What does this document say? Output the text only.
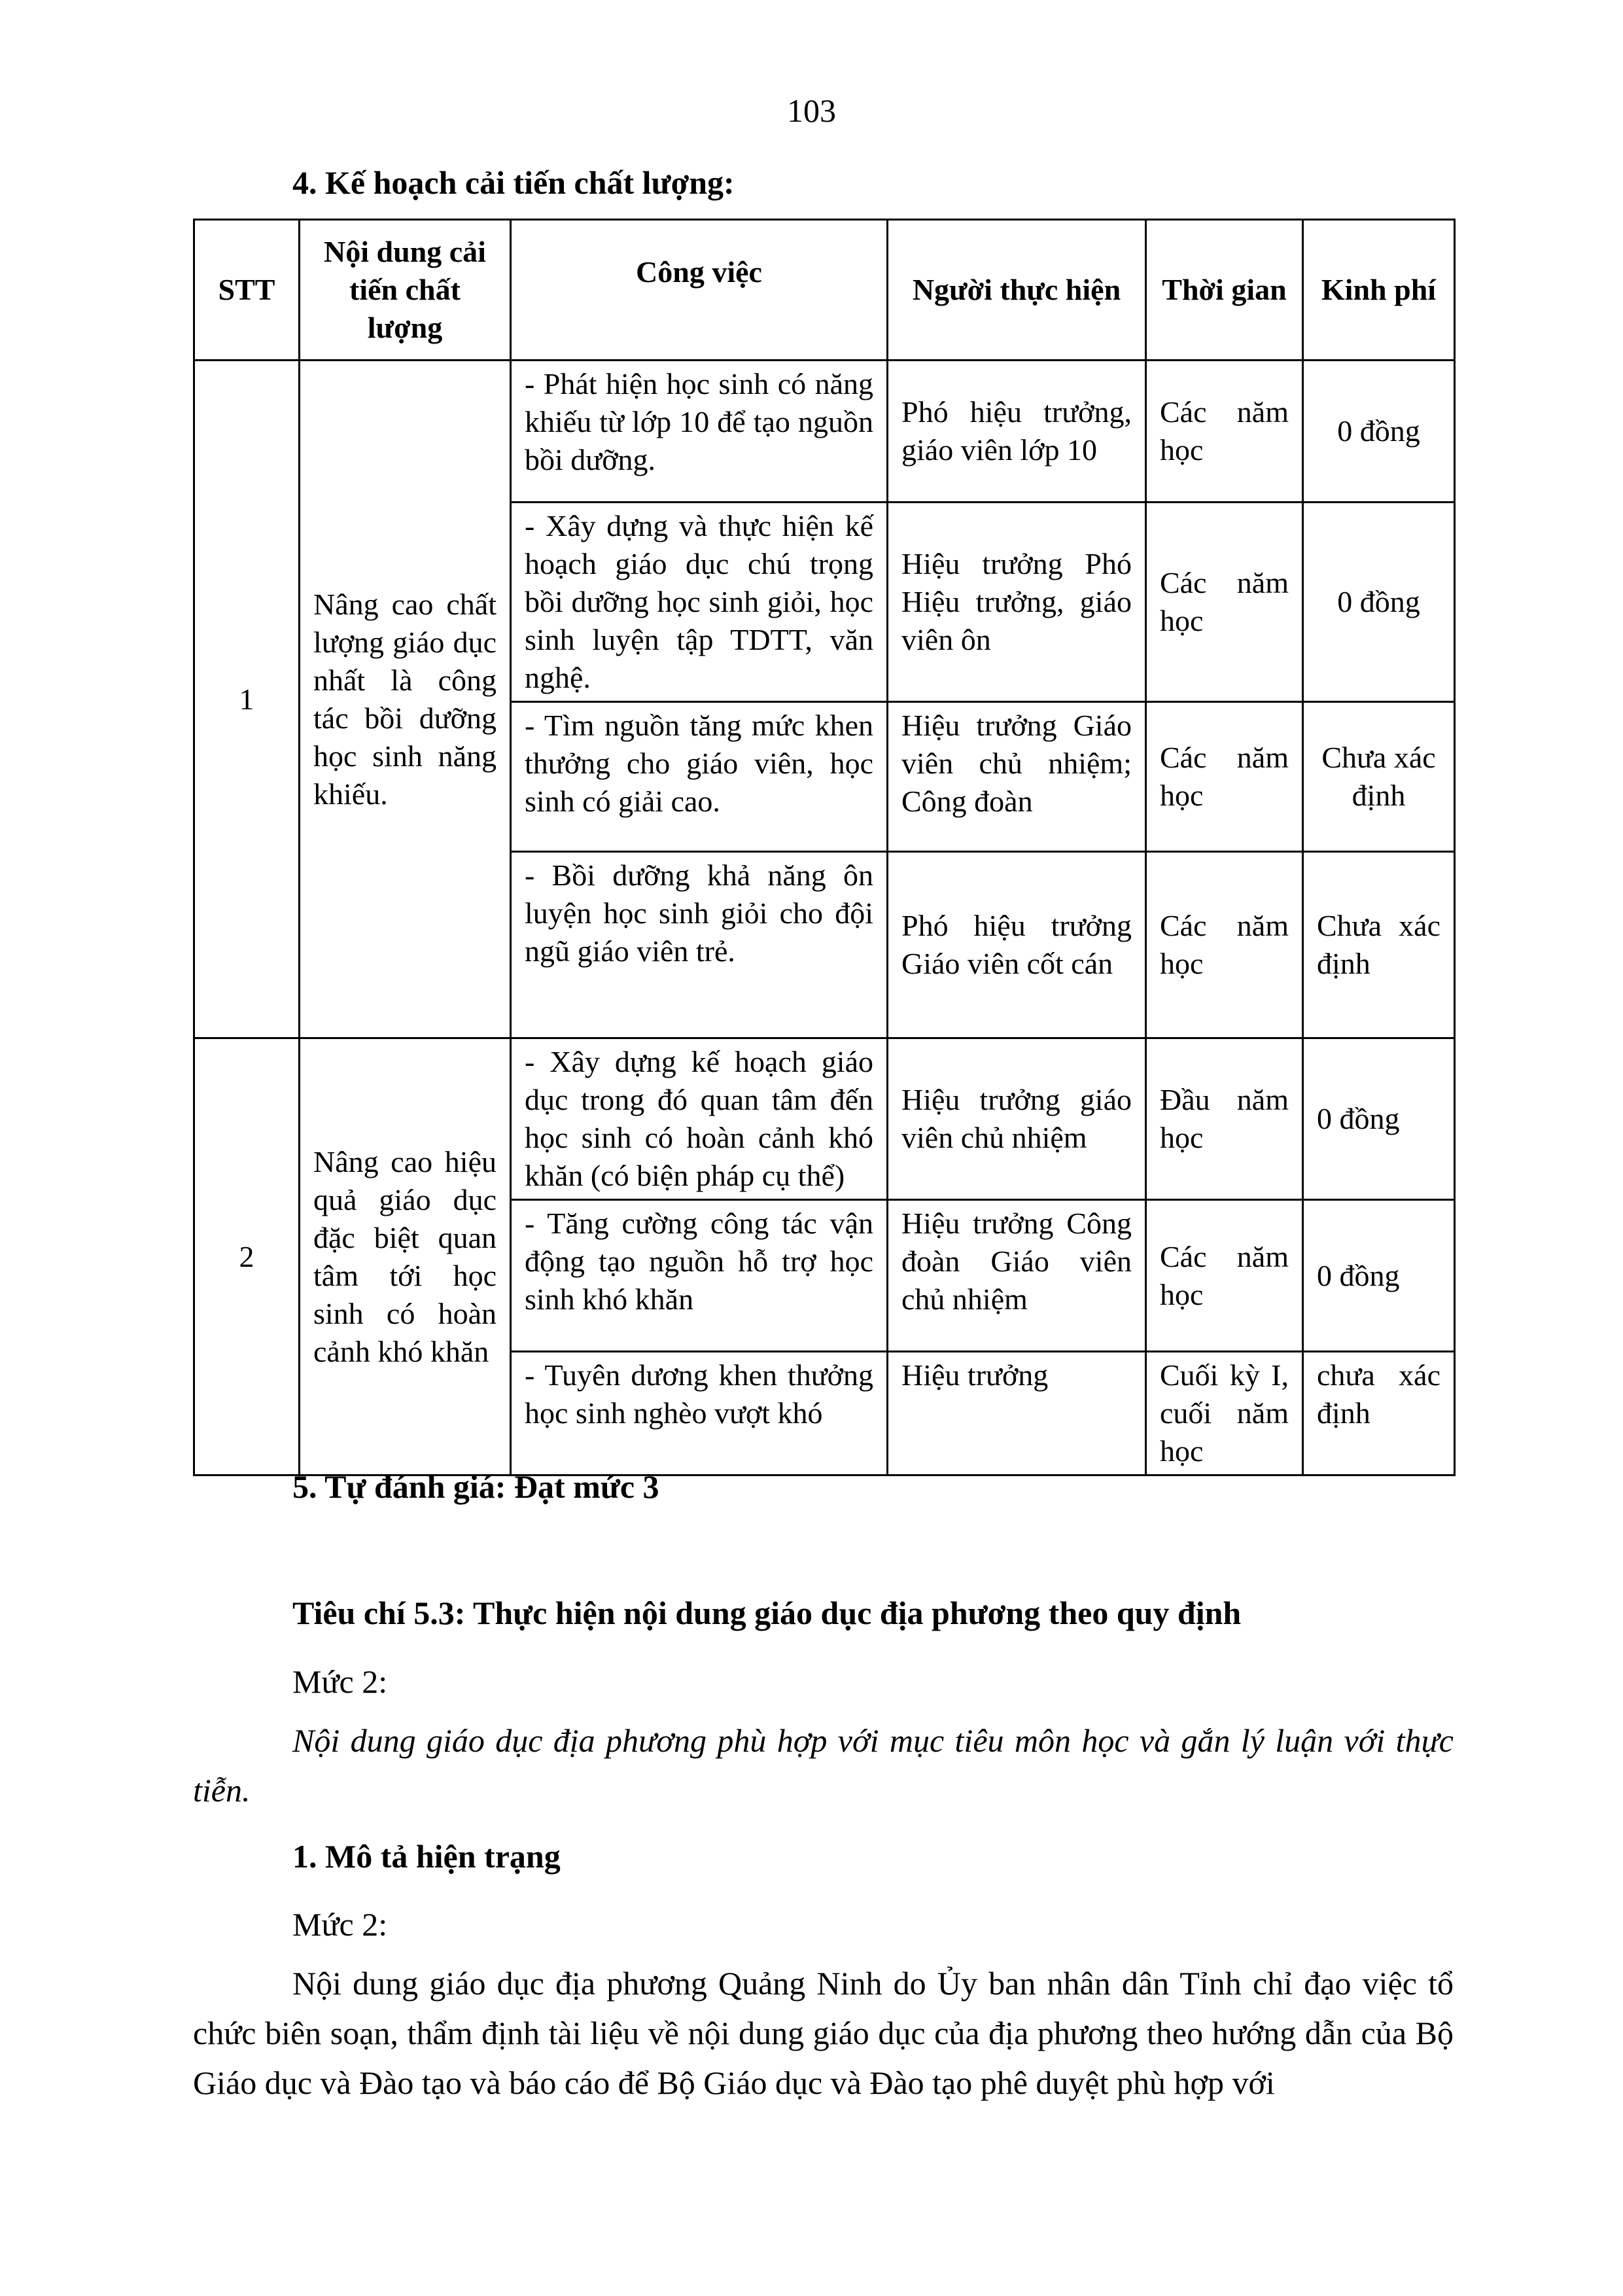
103
4. Kế hoạch cải tiến chất lượng:
STT	Nội dung cải tiến chất lượng	Công việc	Người thực hiện	Thời gian	Kinh phí
1	Nâng cao chất lượng giáo dục nhất là công tác bồi dưỡng học sinh năng khiếu.	- Phát hiện học sinh có năng khiếu từ lớp 10 để tạo nguồn bồi dưỡng.	Phó hiệu trưởng, giáo viên lớp 10	Các năm học	0 đồng
		- Xây dựng và thực hiện kế hoạch giáo dục chú trọng bồi dưỡng học sinh giỏi, học sinh luyện tập TDTT, văn nghệ.	Hiệu trưởng Phó Hiệu trưởng, giáo viên ôn	Các năm học	0 đồng
		- Tìm nguồn tăng mức khen thưởng cho giáo viên, học sinh có giải cao.	Hiệu trưởng Giáo viên chủ nhiệm; Công đoàn	Các năm học	Chưa xác định
		- Bồi dưỡng khả năng ôn luyện học sinh giỏi cho đội ngũ giáo viên trẻ.	Phó hiệu trưởng Giáo viên cốt cán	Các năm học	Chưa xác định
2	Nâng cao hiệu quả giáo dục đặc biệt quan tâm tới học sinh có hoàn cảnh khó khăn	- Xây dựng kế hoạch giáo dục trong đó quan tâm đến học sinh có hoàn cảnh khó khăn (có biện pháp cụ thể)	Hiệu trưởng giáo viên chủ nhiệm	Đầu năm học	0 đồng
		- Tăng cường công tác vận động tạo nguồn hỗ trợ học sinh khó khăn	Hiệu trưởng Công đoàn Giáo viên chủ nhiệm	Các năm học	0 đồng
		- Tuyên dương khen thưởng học sinh nghèo vượt khó	Hiệu trưởng	Cuối kỳ I, cuối năm học	chưa xác định
5. Tự đánh giá: Đạt mức 3
Tiêu chí 5.3: Thực hiện nội dung giáo dục địa phương theo quy định

Mức 2:

Nội dung giáo dục địa phương phù hợp với mục tiêu môn học và gắn lý luận với thực tiễn.

1. Mô tả hiện trạng

Mức 2:

Nội dung giáo dục địa phương Quảng Ninh do Ủy ban nhân dân Tỉnh chỉ đạo việc tổ chức biên soạn, thẩm định tài liệu về nội dung giáo dục của địa phương theo hướng dẫn của Bộ Giáo dục và Đào tạo và báo cáo để Bộ Giáo dục và Đào tạo phê duyệt phù hợp với
